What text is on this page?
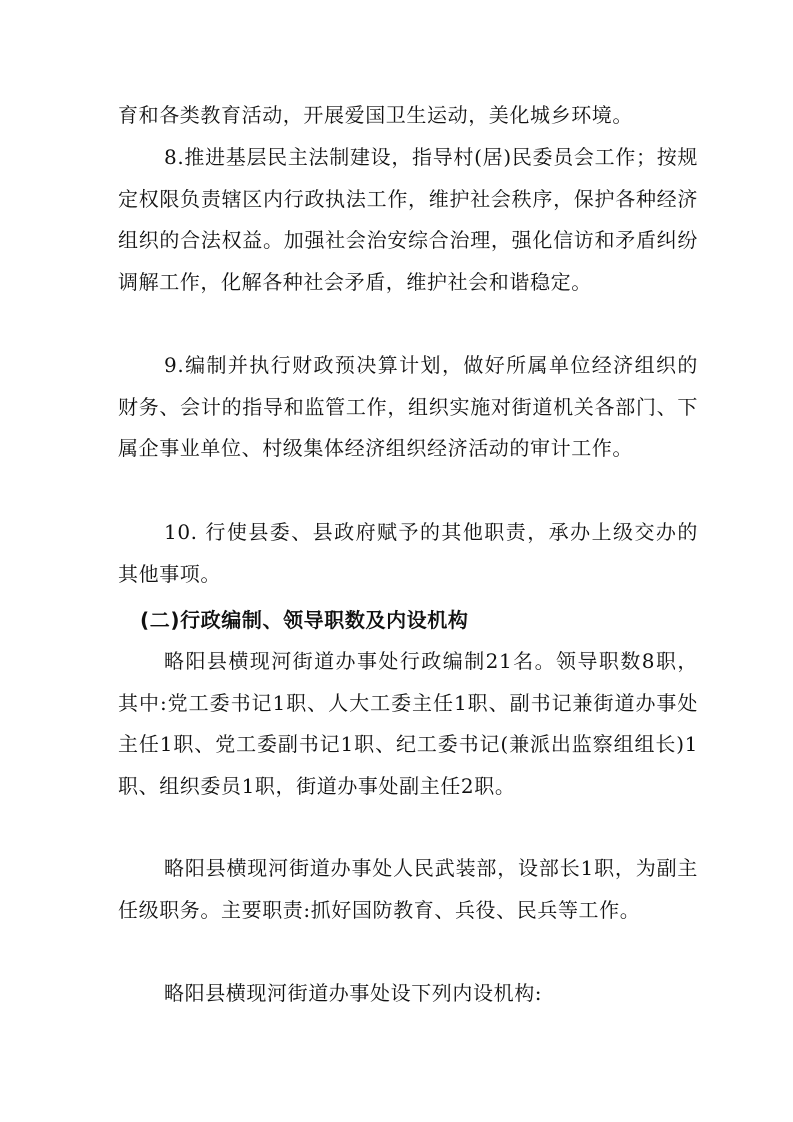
育和各类教育活动，开展爱国卫生运动，美化城乡环境。

8.推进基层民主法制建设，指导村(居)民委员会工作；按规定权限负责辖区内行政执法工作，维护社会秩序，保护各种经济组织的合法权益。加强社会治安综合治理，强化信访和矛盾纠纷调解工作，化解各种社会矛盾，维护社会和谐稳定。

9.编制并执行财政预决算计划，做好所属单位经济组织的财务、会计的指导和监管工作，组织实施对街道机关各部门、下属企事业单位、村级集体经济组织经济活动的审计工作。

10. 行使县委、县政府赋予的其他职责，承办上级交办的其他事项。

(二)行政编制、领导职数及内设机构

略阳县横现河街道办事处行政编制21名。领导职数8职，其中:党工委书记1职、人大工委主任1职、副书记兼街道办事处主任1职、党工委副书记1职、纪工委书记(兼派出监察组组长)1职、组织委员1职，街道办事处副主任2职。

略阳县横现河街道办事处人民武装部，设部长1职，为副主任级职务。主要职责:抓好国防教育、兵役、民兵等工作。

略阳县横现河街道办事处设下列内设机构:
